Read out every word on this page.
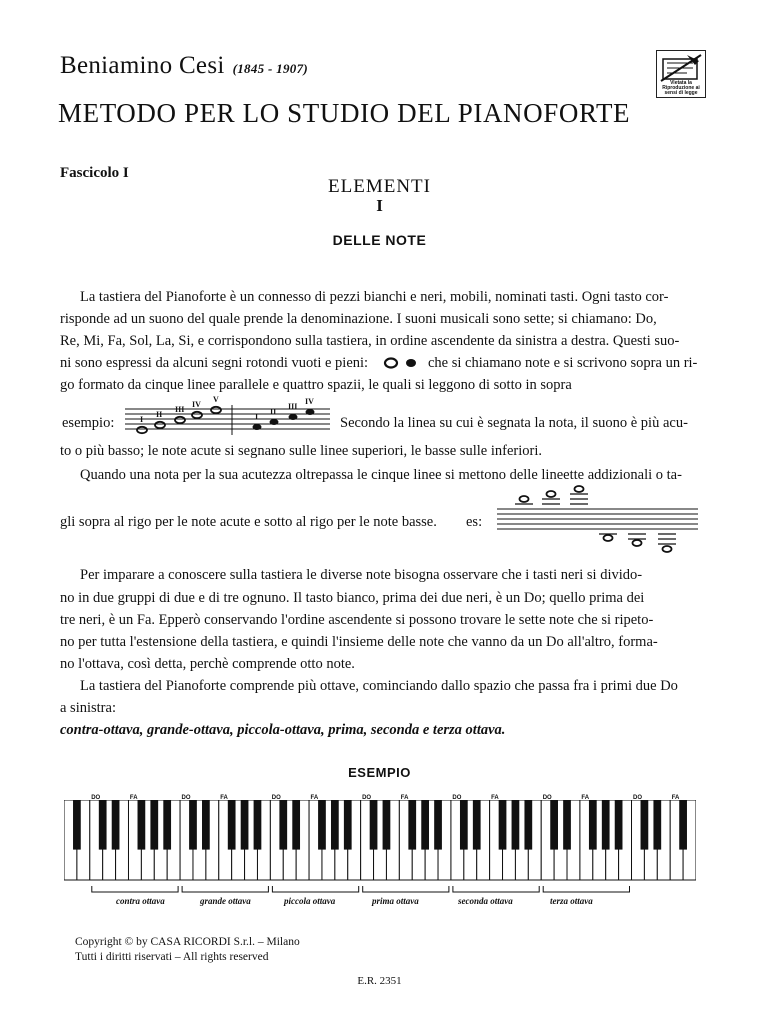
Beniamino Cesi (1845 - 1907)
METODO PER LO STUDIO DEL PIANOFORTE
Vietata la Riproduzione ai sensi di legge
Fascicolo I
ELEMENTI
I
DELLE NOTE
La tastiera del Pianoforte è un connesso di pezzi bianchi e neri, mobili, nominati tasti. Ogni tasto cor-
risponde ad un suono del quale prende la denominazione. I suoni musicali sono sette; si chiamano: Do,
Re, Mi, Fa, Sol, La, Si, e corrispondono sulla tastiera, in ordine ascendente da sinistra a destra. Questi suo-
ni sono espressi da alcuni segni rotondi vuoti e pieni:	che si chiamano note e si scrivono sopra un ri-
go formato da cinque linee parallele e quattro spazii, le quali si leggono di sotto in sopra
esempio:	I
II
III
IV
V
I
II
III
IV
Secondo la linea su cui è segnata la nota, il suono è più acu-
to o più basso; le note acute si segnano sulle linee superiori, le basse sulle inferiori.
Quando una nota per la sua acutezza oltrepassa le cinque linee si mettono delle lineette addizionali o ta-
gli sopra al rigo per le note acute e sotto al rigo per le note basse. es:
Per imparare a conoscere sulla tastiera le diverse note bisogna osservare che i tasti neri si divido-
no in due gruppi di due e di tre ognuno. Il tasto bianco, prima dei due neri, è un Do; quello prima dei
tre neri, è un Fa. Epperò conservando l'ordine ascendente si possono trovare le sette note che si ripeto-
no per tutta l'estensione della tastiera, e quindi l'insieme delle note che vanno da un Do all'altro, forma-
no l'ottava, così detta, perchè comprende otto note.
La tastiera del Pianoforte comprende più ottave, cominciando dallo spazio che passa fra i primi due Do
a sinistra:
contra-ottava, grande-ottava, piccola-ottava, prima, seconda e terza ottava.
ESEMPIO
DO	FA	DO	FA	DO	FA	DO	FA	DO	FA	DO	FA	DO	FA
contra ottava	grande ottava	piccola ottava	prima ottava	seconda ottava	terza ottava
Copyright © by CASA RICORDI S.r.l. – Milano
Tutti i diritti riservati – All rights reserved
E.R. 2351
